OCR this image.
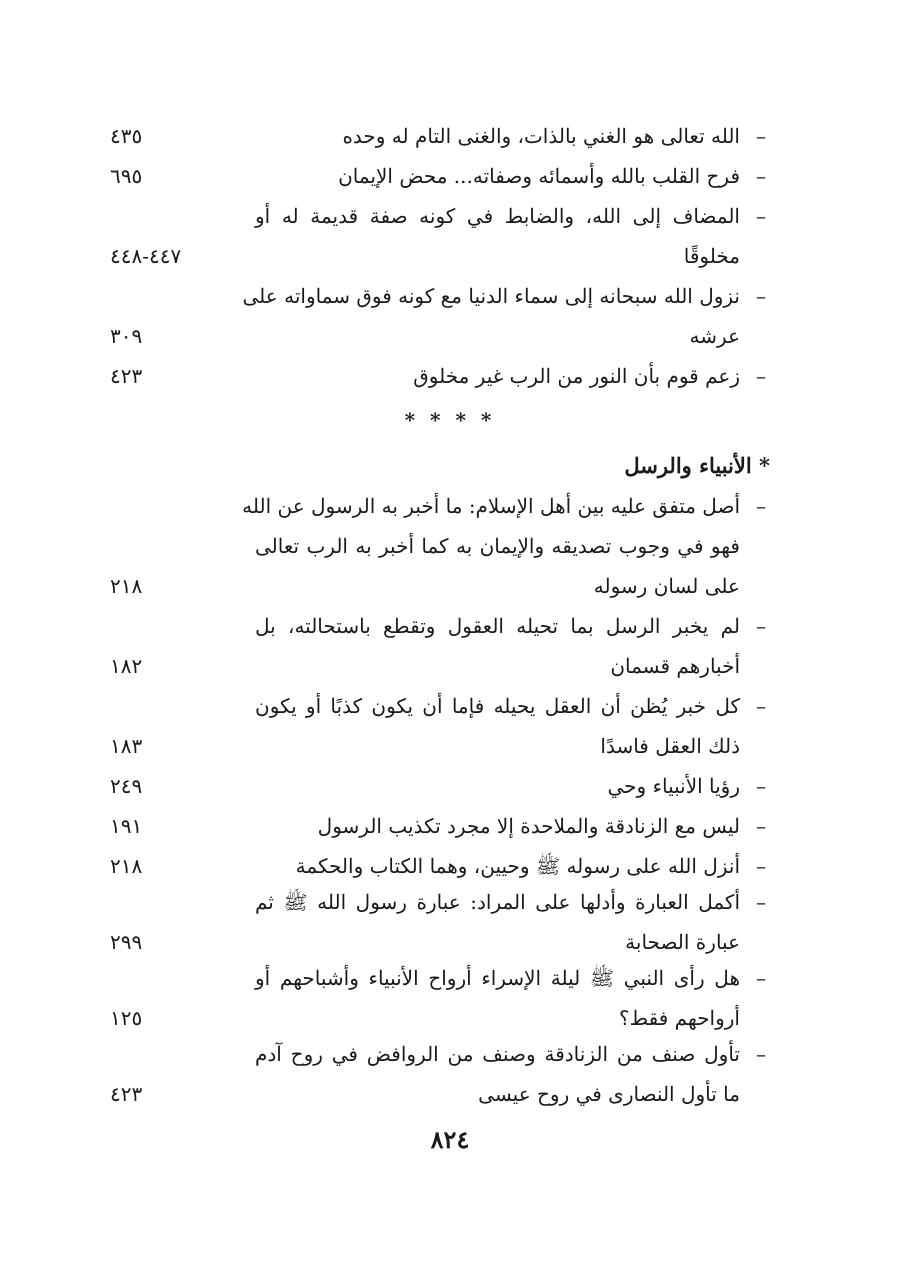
–
الله تعالى هو الغني بالذات، والغنى التام له وحده
٤٣٥
–
فرح القلب بالله وأسمائه وصفاته... محض الإيمان
٦٩٥
–
المضاف إلى الله، والضابط في كونه صفة قديمة له أو
مخلوقًا
٤٤٧-٤٤٨
–
نزول الله سبحانه إلى سماء الدنيا مع كونه فوق سماواته على
عرشه
٣٠٩
–
زعم قوم بأن النور من الرب غير مخلوق
٤٢٣
* * * *
* الأنبياء والرسل
–
أصل متفق عليه بين أهل الإسلام: ما أخبر به الرسول عن الله
فهو في وجوب تصديقه والإيمان به كما أخبر به الرب تعالى
على لسان رسوله
٢١٨
–
لم يخبر الرسل بما تحيله العقول وتقطع باستحالته، بل
أخبارهم قسمان
١٨٢
–
كل خبر يُظن أن العقل يحيله فإما أن يكون كذبًا أو يكون
ذلك العقل فاسدًا
١٨٣
–
رؤيا الأنبياء وحي
٢٤٩
–
ليس مع الزنادقة والملاحدة إلا مجرد تكذيب الرسول
١٩١
–
أنزل الله على رسوله ﷺ وحيين، وهما الكتاب والحكمة
٢١٨
–
أكمل العبارة وأدلها على المراد: عبارة رسول الله ﷺ ثم
عبارة الصحابة
٢٩٩
–
هل رأى النبي ﷺ ليلة الإسراء أرواح الأنبياء وأشباحهم أو
أرواحهم فقط؟
١٢٥
–
تأول صنف من الزنادقة وصنف من الروافض في روح آدم
ما تأول النصارى في روح عيسى
٤٢٣
٨٢٤
